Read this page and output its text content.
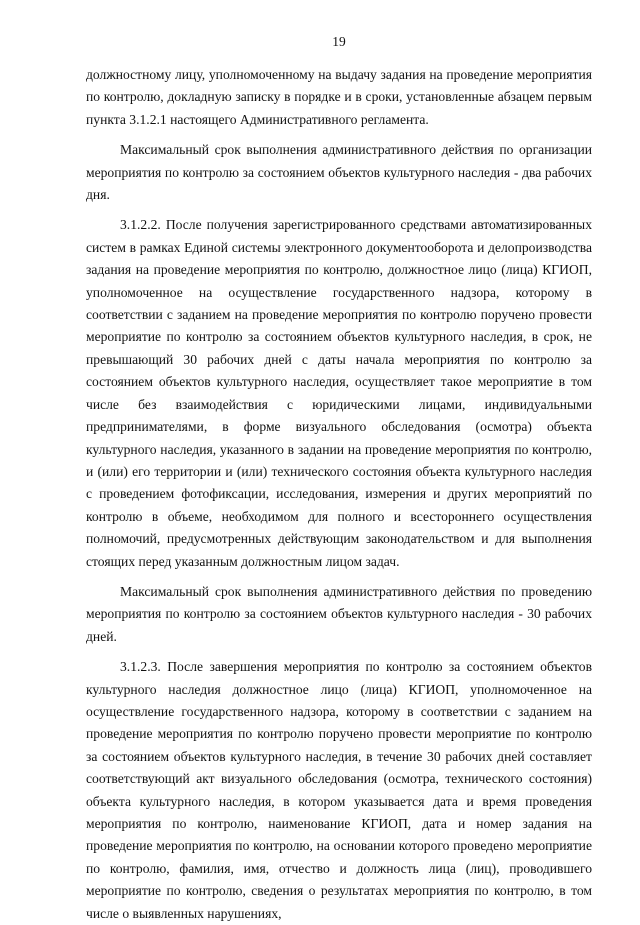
19

должностному лицу, уполномоченному на выдачу задания на проведение мероприятия по контролю, докладную записку в порядке и в сроки, установленные абзацем первым пункта 3.1.2.1 настоящего Административного регламента.

Максимальный срок выполнения административного действия по организации мероприятия по контролю за состоянием объектов культурного наследия - два рабочих дня.

3.1.2.2. После получения зарегистрированного средствами автоматизированных систем в рамках Единой системы электронного документооборота и делопроизводства задания на проведение мероприятия по контролю, должностное лицо (лица) КГИОП, уполномоченное на осуществление государственного надзора, которому в соответствии с заданием на проведение мероприятия по контролю поручено провести мероприятие по контролю за состоянием объектов культурного наследия, в срок, не превышающий 30 рабочих дней с даты начала мероприятия по контролю за состоянием объектов культурного наследия, осуществляет такое мероприятие в том числе без взаимодействия с юридическими лицами, индивидуальными предпринимателями, в форме визуального обследования (осмотра) объекта культурного наследия, указанного в задании на проведение мероприятия по контролю, и (или) его территории и (или) технического состояния объекта культурного наследия с проведением фотофиксации, исследования, измерения и других мероприятий по контролю в объеме, необходимом для полного и всестороннего осуществления полномочий, предусмотренных действующим законодательством и для выполнения стоящих перед указанным должностным лицом задач.

Максимальный срок выполнения административного действия по проведению мероприятия по контролю за состоянием объектов культурного наследия - 30 рабочих дней.

3.1.2.3. После завершения мероприятия по контролю за состоянием объектов культурного наследия должностное лицо (лица) КГИОП, уполномоченное на осуществление государственного надзора, которому в соответствии с заданием на проведение мероприятия по контролю поручено провести мероприятие по контролю за состоянием объектов культурного наследия, в течение 30 рабочих дней составляет соответствующий акт визуального обследования (осмотра, технического состояния) объекта культурного наследия, в котором указывается дата и время проведения мероприятия по контролю, наименование КГИОП, дата и номер задания на проведение мероприятия по контролю, на основании которого проведено мероприятие по контролю, фамилия, имя, отчество и должность лица (лиц), проводившего мероприятие по контролю, сведения о результатах мероприятия по контролю, в том числе о выявленных нарушениях,
